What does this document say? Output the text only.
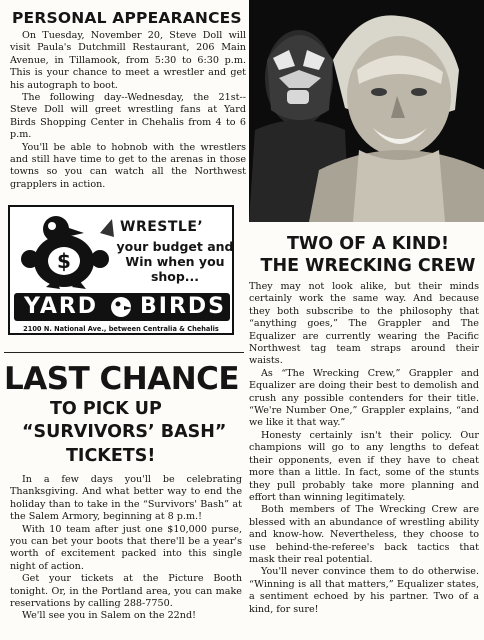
PERSONAL APPEARANCES

On Tuesday, November 20, Steve Doll will visit Paula's Dutchmill Restaurant, 206 Main Avenue, in Tillamook, from 5:30 to 6:30 p.m. This is your chance to meet a wrestler and get his autograph to boot.

The following day--Wednesday, the 21st--Steve Doll will greet wrestling fans at Yard Birds Shopping Center in Chehalis from 4 to 6 p.m.

You'll be able to hobnob with the wrestlers and still have time to get to the arenas in those towns so you can watch all the Northwest grapplers in action.

$

WRESTLE’

your budget and Win when you shop...

YARD BIRDS

2100 N. National Ave., between Centralia & Chehalis

LAST CHANCE
TO PICK UP
“SURVIVORS’ BASH”
TICKETS!

In a few days you'll be celebrating Thanksgiving. And what better way to end the holiday than to take in the “Survivors' Bash” at the Salem Armory, beginning at 8 p.m.!

With 10 team after just one $10,000 purse, you can bet your boots that there'll be a year's worth of excitement packed into this single night of action.

Get your tickets at the Picture Booth tonight. Or, in the Portland area, you can make reservations by calling 288-7750.

We'll see you in Salem on the 22nd!

TWO OF A KIND!
THE WRECKING CREW

They may not look alike, but their minds certainly work the same way. And because they both subscribe to the philosophy that “anything goes,” The Grappler and The Equalizer are currently wearing the Pacific Northwest tag team straps around their waists.

As “The Wrecking Crew,” Grappler and Equalizer are doing their best to demolish and crush any possible contenders for their title. “We're Number One,” Grappler explains, “and we like it that way.”

Honesty certainly isn't their policy. Our champions will go to any lengths to defeat their opponents, even if they have to cheat more than a little. In fact, some of the stunts they pull probably take more planning and effort than winning legitimately.

Both members of The Wrecking Crew are blessed with an abundance of wrestling ability and know-how. Nevertheless, they choose to use behind-the-referee's back tactics that mask their real potential.

You'll never convince them to do otherwise. “Winning is all that matters,” Equalizer states, a sentiment echoed by his partner. Two of a kind, for sure!
